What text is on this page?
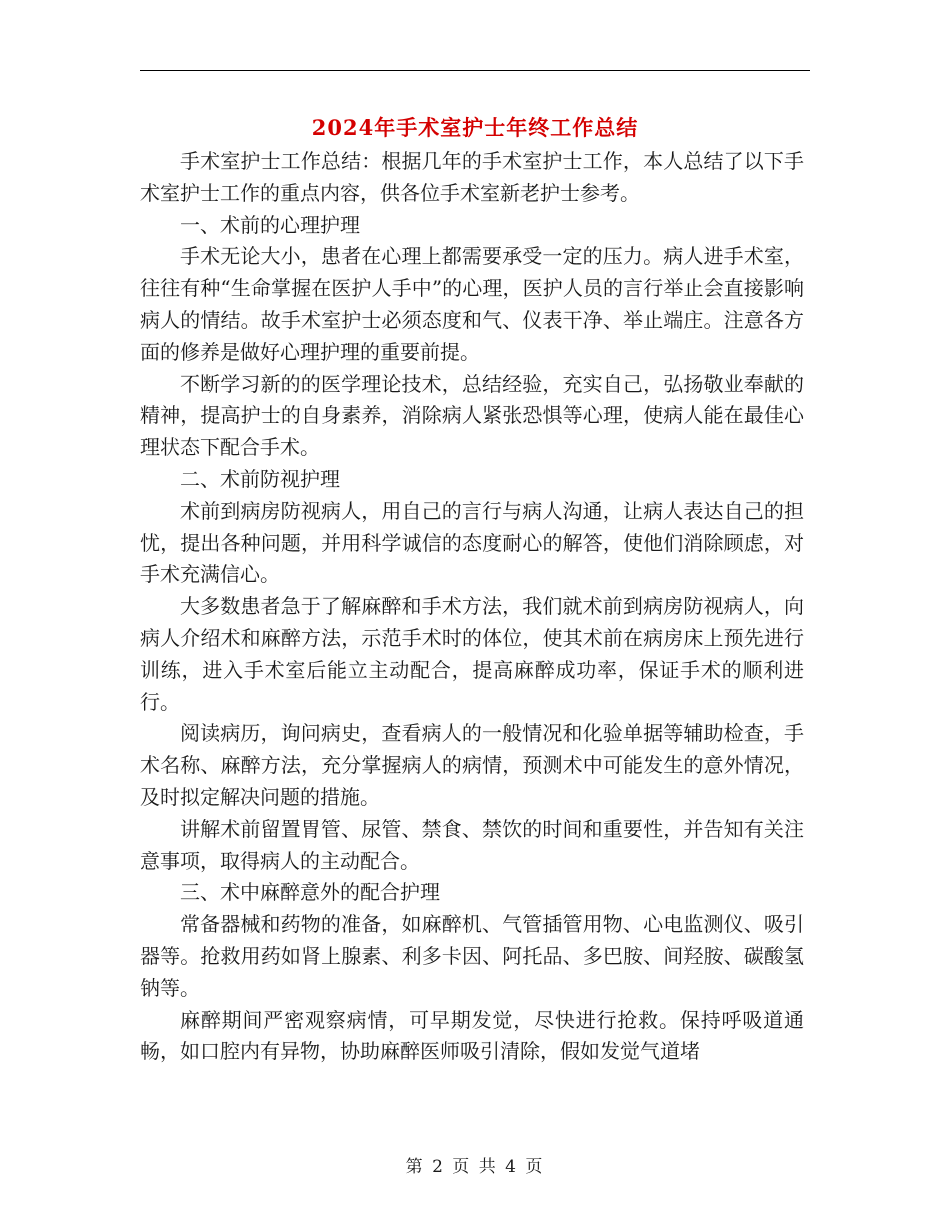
2024年手术室护士年终工作总结

手术室护士工作总结：根据几年的手术室护士工作，本人总结了以下手术室护士工作的重点内容，供各位手术室新老护士参考。

一、术前的心理护理

手术无论大小，患者在心理上都需要承受一定的压力。病人进手术室，往往有种“生命掌握在医护人手中”的心理，医护人员的言行举止会直接影响病人的情结。故手术室护士必须态度和气、仪表干净、举止端庄。注意各方面的修养是做好心理护理的重要前提。

不断学习新的的医学理论技术，总结经验，充实自己，弘扬敬业奉献的精神，提高护士的自身素养，消除病人紧张恐惧等心理，使病人能在最佳心理状态下配合手术。

二、术前防视护理

术前到病房防视病人，用自己的言行与病人沟通，让病人表达自己的担忧，提出各种问题，并用科学诚信的态度耐心的解答，使他们消除顾虑，对手术充满信心。

大多数患者急于了解麻醉和手术方法，我们就术前到病房防视病人，向病人介绍术和麻醉方法，示范手术时的体位，使其术前在病房床上预先进行训练，进入手术室后能立主动配合，提高麻醉成功率，保证手术的顺利进行。

阅读病历，询问病史，查看病人的一般情况和化验单据等辅助检查，手术名称、麻醉方法，充分掌握病人的病情，预测术中可能发生的意外情况，及时拟定解决问题的措施。

讲解术前留置胃管、尿管、禁食、禁饮的时间和重要性，并告知有关注意事项，取得病人的主动配合。

三、术中麻醉意外的配合护理

常备器械和药物的准备，如麻醉机、气管插管用物、心电监测仪、吸引器等。抢救用药如肾上腺素、利多卡因、阿托品、多巴胺、间羟胺、碳酸氢钠等。

麻醉期间严密观察病情，可早期发觉，尽快进行抢救。保持呼吸道通畅，如口腔内有异物，协助麻醉医师吸引清除，假如发觉气道堵

第 2 页 共 4 页
